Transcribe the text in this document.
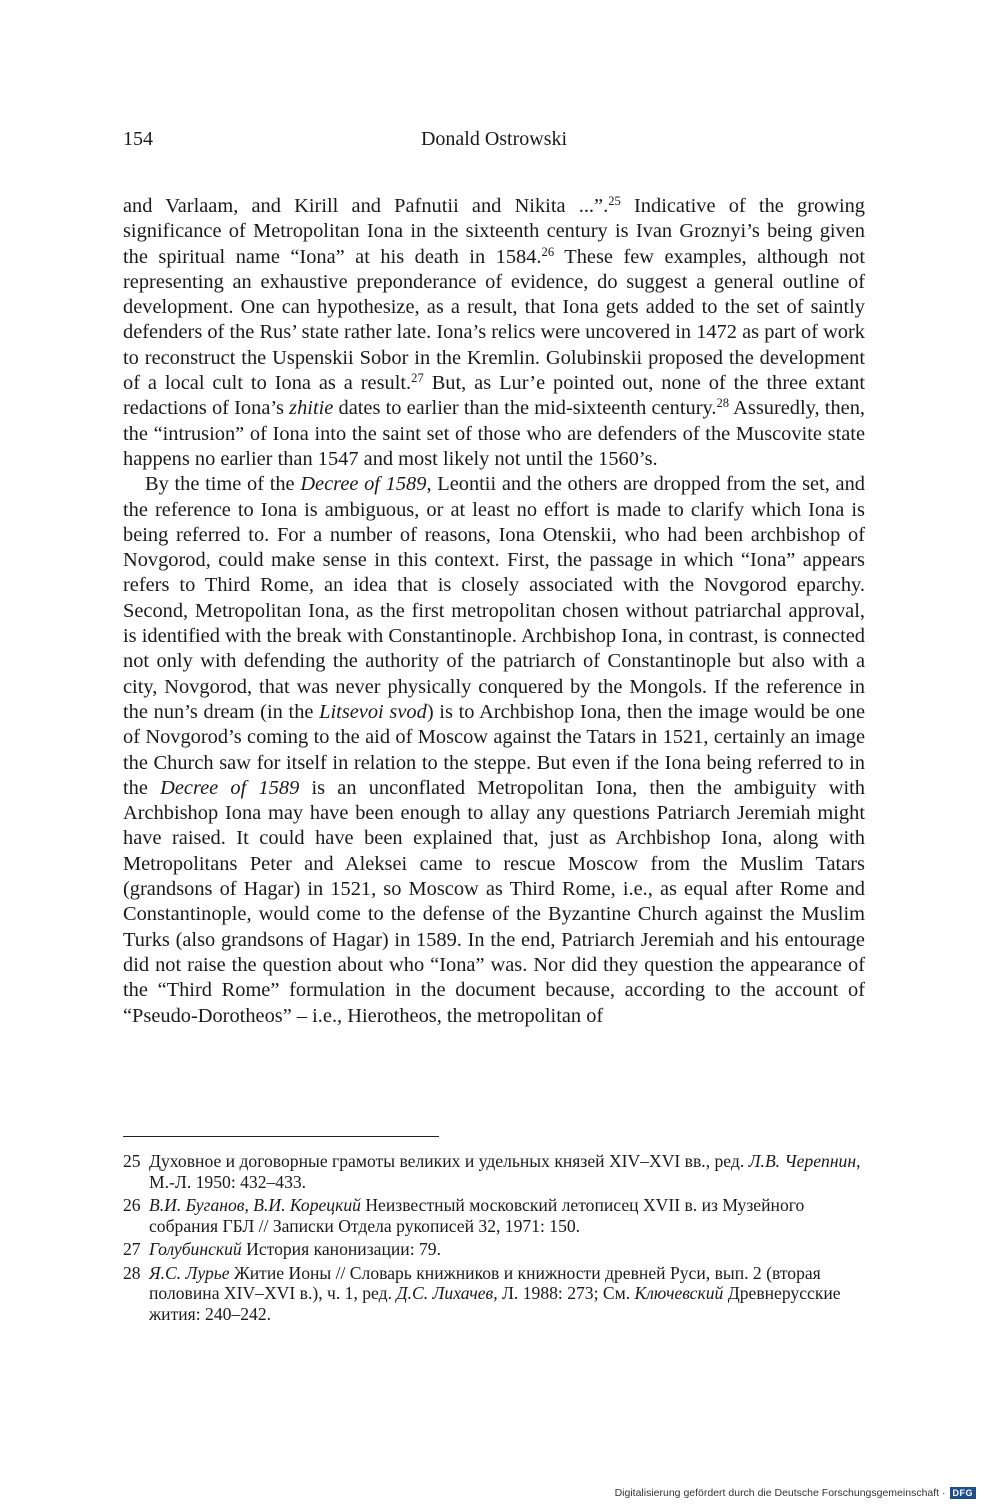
154	Donald Ostrowski

and Varlaam, and Kirill and Pafnutii and Nikita ...”.$^{25}$ Indicative of the growing significance of Metropolitan Iona in the sixteenth century is Ivan Groznyi’s being given the spiritual name “Iona” at his death in 1584.26 These few examples, although not representing an exhaustive preponderance of evidence, do suggest a general outline of development. One can hypothesize, as a result, that Iona gets added to the set of saintly defenders of the Rus’ state rather late. Iona’s relics were uncovered in 1472 as part of work to reconstruct the Uspenskii Sobor in the Kremlin. Golubinskii proposed the development of a local cult to Iona as a result.$^{27}$ But, as Lur’e pointed out, none of the three extant redactions of Iona’s zhitie dates to earlier than the mid-sixteenth century.$^{28}$ Assuredly, then, the “intrusion” of Iona into the saint set of those who are defenders of the Muscovite state happens no earlier than 1547 and most likely not until the 1560’s.

By the time of the Decree of 1589, Leontii and the others are dropped from the set, and the reference to Iona is ambiguous, or at least no effort is made to clarify which Iona is being referred to. For a number of reasons, Iona Otenskii, who had been archbishop of Novgorod, could make sense in this context. First, the passage in which “Iona” appears refers to Third Rome, an idea that is closely associated with the Novgorod eparchy. Second, Metropolitan Iona, as the first metropolitan chosen without patriarchal approval, is identified with the break with Constantinople. Archbishop Iona, in contrast, is connected not only with defending the authority of the patriarch of Constantinople but also with a city, Novgorod, that was never physically conquered by the Mongols. If the reference in the nun’s dream (in the Litsevoi svod) is to Archbishop Iona, then the image would be one of Novgorod’s coming to the aid of Moscow against the Tatars in 1521, certainly an image the Church saw for itself in relation to the steppe. But even if the Iona being referred to in the Decree of 1589 is an unconflated Metropolitan Iona, then the ambiguity with Archbishop Iona may have been enough to allay any questions Patriarch Jeremiah might have raised. It could have been explained that, just as Archbishop Iona, along with Metropolitans Peter and Aleksei came to rescue Moscow from the Muslim Tatars (grandsons of Hagar) in 1521, so Moscow as Third Rome, i.e., as equal after Rome and Constantinople, would come to the defense of the Byzantine Church against the Muslim Turks (also grandsons of Hagar) in 1589. In the end, Patriarch Jeremiah and his entourage did not raise the question about who “Iona” was. Nor did they question the appearance of the “Third Rome” formulation in the document because, according to the account of “Pseudo-Dorotheos” – i.e., Hierotheos, the metropolitan of

25 Духовное и договорные грамоты великих и удельных князей XIV–XVI вв., ред. Л.В. Черепнин, М.-Л. 1950: 432–433.
26 В.И. Буганов, В.И. Корецкий Неизвестный московский летописец XVII в. из Музейного собрания ГБЛ // Записки Отдела рукописей 32, 1971: 150.
27 Голубинский История канонизации: 79.
28 Я.С. Лурье Житие Ионы // Словарь книжников и книжности древней Руси, вып. 2 (вторая половина XIV–XVI в.), ч. 1, ред. Д.С. Лихачев, Л. 1988: 273; См. Ключевский Древнерусские жития: 240–242.
Digitalisierung gefördert durch die Deutsche Forschungsgemeinschaft · DFG
